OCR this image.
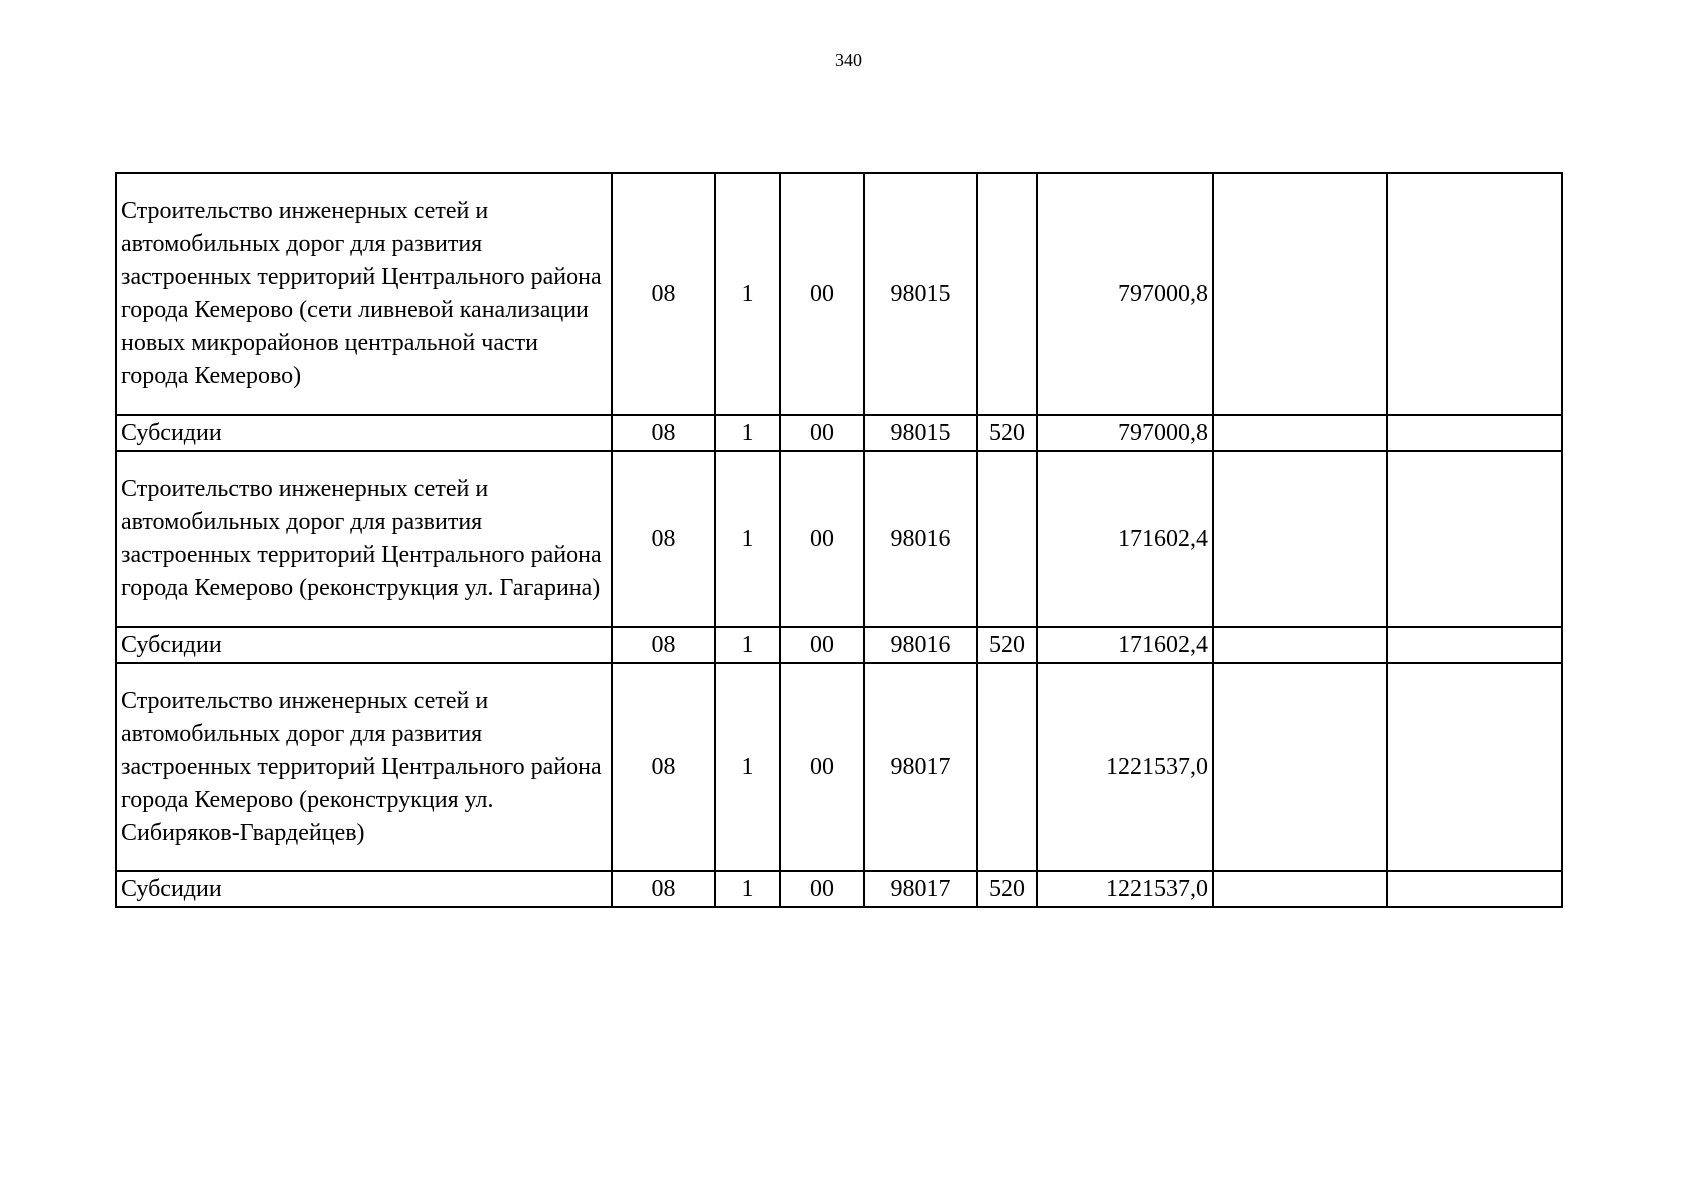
340
Строительство инженерных сетей и автомобильных дорог для развития застроенных территорий Центрального района города Кемерово (сети ливневой канализации новых микрорайонов центральной части города Кемерово)	08	1	00	98015		797000,8		
Субсидии	08	1	00	98015	520	797000,8		
Строительство инженерных сетей и автомобильных дорог для развития застроенных территорий Центрального района города Кемерово (реконструкция ул. Гагарина)	08	1	00	98016		171602,4		
Субсидии	08	1	00	98016	520	171602,4		
Строительство инженерных сетей и автомобильных дорог для развития застроенных территорий Центрального района города Кемерово (реконструкция ул. Сибиряков-Гвардейцев)	08	1	00	98017		1221537,0		
Субсидии	08	1	00	98017	520	1221537,0		
